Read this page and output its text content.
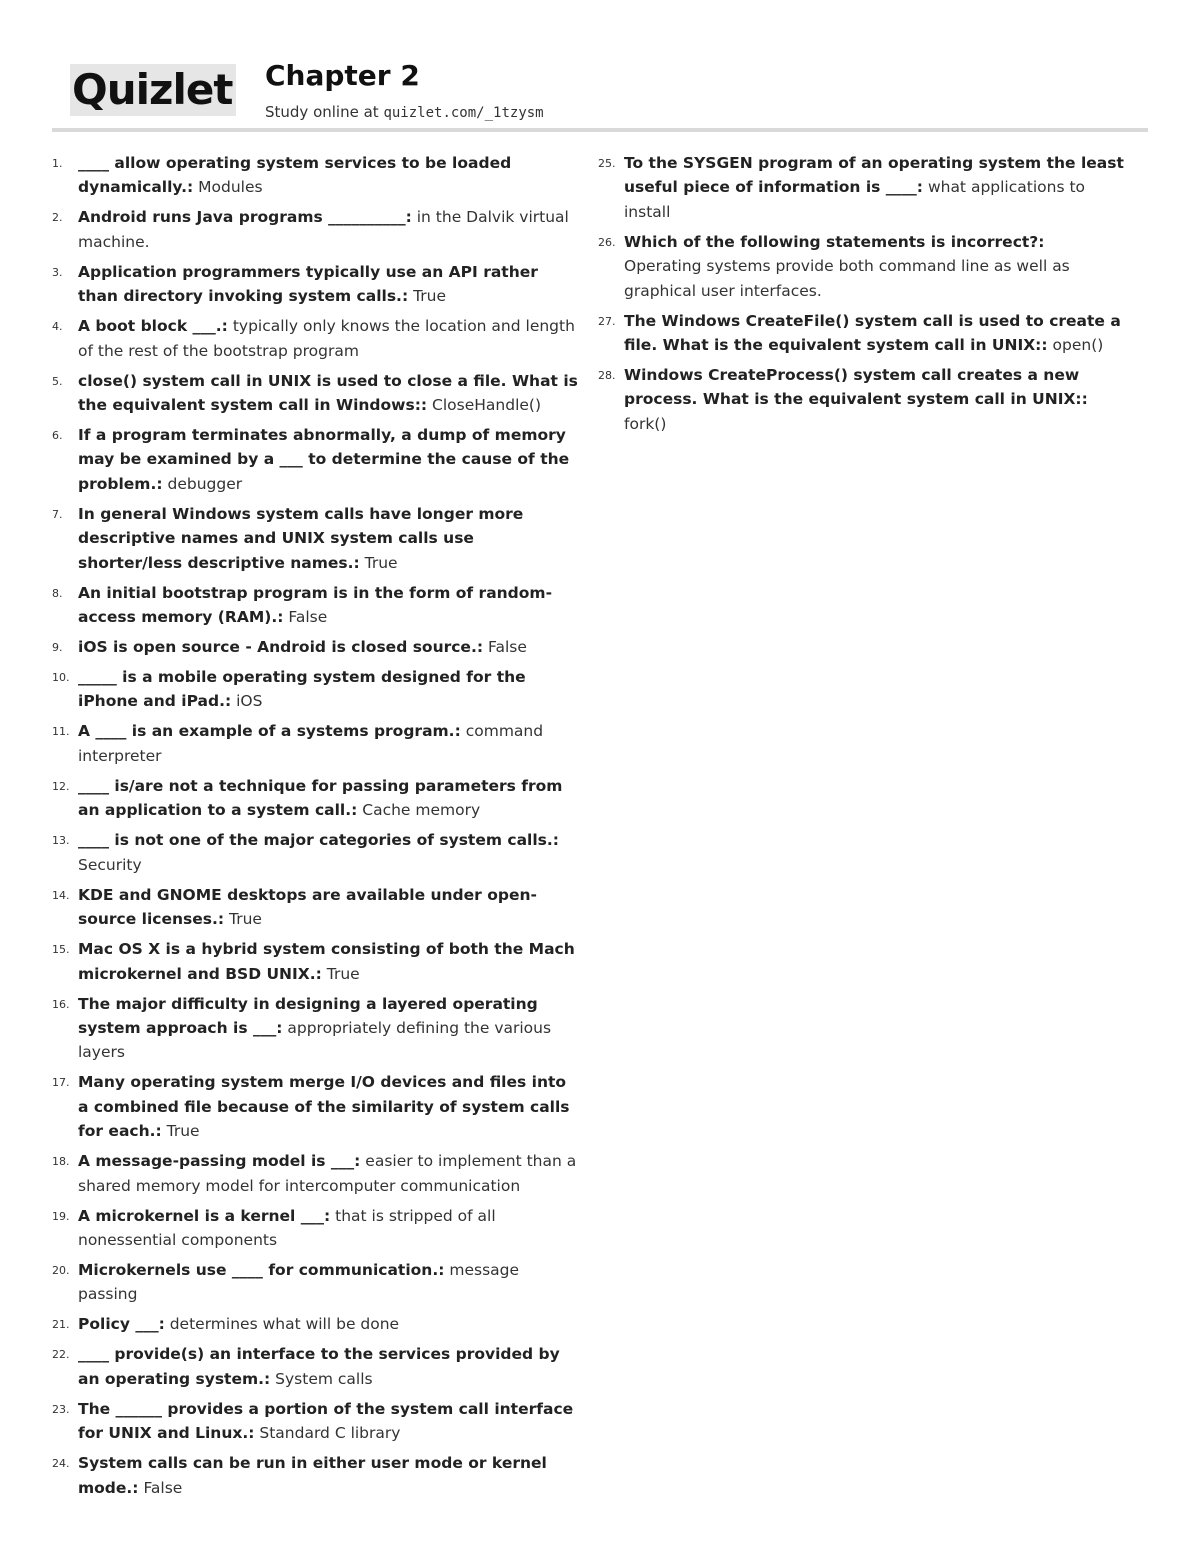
Quizlet Chapter 2
Study online at quizlet.com/_1tzysm
1. ____ allow operating system services to be loaded dynamically.: Modules
2. Android runs Java programs __________: in the Dalvik virtual machine.
3. Application programmers typically use an API rather than directory invoking system calls.: True
4. A boot block ___.: typically only knows the location and length of the rest of the bootstrap program
5. close() system call in UNIX is used to close a file. What is the equivalent system call in Windows:: CloseHandle()
6. If a program terminates abnormally, a dump of memory may be examined by a ___ to determine the cause of the problem.: debugger
7. In general Windows system calls have longer more descriptive names and UNIX system calls use shorter/less descriptive names.: True
8. An initial bootstrap program is in the form of random-access memory (RAM).: False
9. iOS is open source - Android is closed source.: False
10. _____ is a mobile operating system designed for the iPhone and iPad.: iOS
11. A ____ is an example of a systems program.: command interpreter
12. ____ is/are not a technique for passing parameters from an application to a system call.: Cache memory
13. ____ is not one of the major categories of system calls.: Security
14. KDE and GNOME desktops are available under open-source licenses.: True
15. Mac OS X is a hybrid system consisting of both the Mach microkernel and BSD UNIX.: True
16. The major difficulty in designing a layered operating system approach is ___: appropriately defining the various layers
17. Many operating system merge I/O devices and files into a combined file because of the similarity of system calls for each.: True
18. A message-passing model is ___: easier to implement than a shared memory model for intercomputer communication
19. A microkernel is a kernel ___: that is stripped of all nonessential components
20. Microkernels use ____ for communication.: message passing
21. Policy ___: determines what will be done
22. ____ provide(s) an interface to the services provided by an operating system.: System calls
23. The ______ provides a portion of the system call interface for UNIX and Linux.: Standard C library
24. System calls can be run in either user mode or kernel mode.: False
25. To the SYSGEN program of an operating system the least useful piece of information is ____: what applications to install
26. Which of the following statements is incorrect?: Operating systems provide both command line as well as graphical user interfaces.
27. The Windows CreateFile() system call is used to create a file. What is the equivalent system call in UNIX:: open()
28. Windows CreateProcess() system call creates a new process. What is the equivalent system call in UNIX:: fork()
